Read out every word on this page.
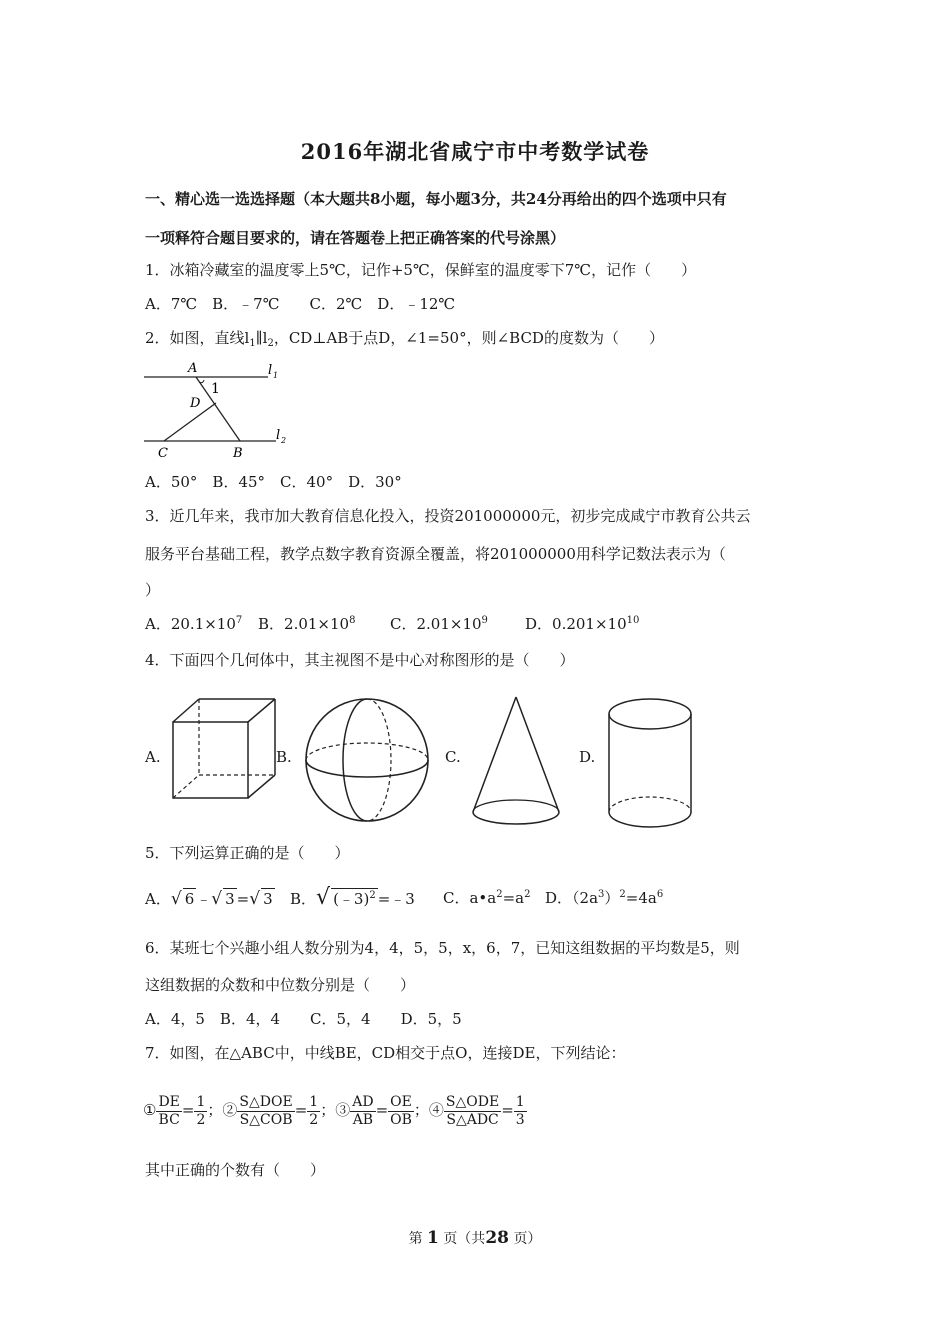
2016年湖北省咸宁市中考数学试卷
一、精心选一选选择题（本大题共8小题，每小题3分，共24分再给出的四个选项中只有
一项释符合题目要求的，请在答题卷上把正确答案的代号涂黑）
1．冰箱冷藏室的温度零上5℃，记作+5℃，保鲜室的温度零下7℃，记作（　　）
A．7℃　B．﹣7℃　　C．2℃　D．﹣12℃
2．如图，直线$l_1\parallel l_2$，CD⊥AB于点D，∠1=50°，则∠BCD的度数为（　　）
A
1
D
C	B
l 1
l 2
A．50°　B．45°　C．40°　D．30°
3．近几年来，我市加大教育信息化投入，投资201000000元，初步完成咸宁市教育公共云
服务平台基础工程，教学点数字教育资源全覆盖，将201000000用科学记数法表示为（
）
A．$20.1\times 10^7$ B．$2.01\times 10^8$ C．$2.01\times 10^9$ D．$0.201\times 10^{10}$
4．下面四个几何体中，其主视图不是中心对称图形的是（　　）
A.	B.	C.	D.
5．下列运算正确的是（　　）
A．√ 6 ﹣√ 3 =√ 3 B．√ (﹣3)$^2$ =﹣3 C．$a•a^2=a^2$ D．$(2a^3)^2=4a^6$
6．某班七个兴趣小组人数分别为4，4，5，5，x，6，7，已知这组数据的平均数是5，则
这组数据的众数和中位数分别是（　　）
A．4，5　B．4，4　　C．5，4　　D．5，5
7．如图，在△ABC中，中线BE，CD相交于点O，连接DE，下列结论：
① $\frac{DE}{BC} = \frac{1}{2}$ ；② $\frac{\text{S△DOE}}{\text{S△COB}} = \frac{1}{2}$ ；③ $\frac{AD}{AB} = \frac{OE}{OB}$ ；④ $\frac{\text{S△ODE}}{\text{S△ADC}} = \frac{1}{3}$
其中正确的个数有（　　）
第 1 页（共28 页）
